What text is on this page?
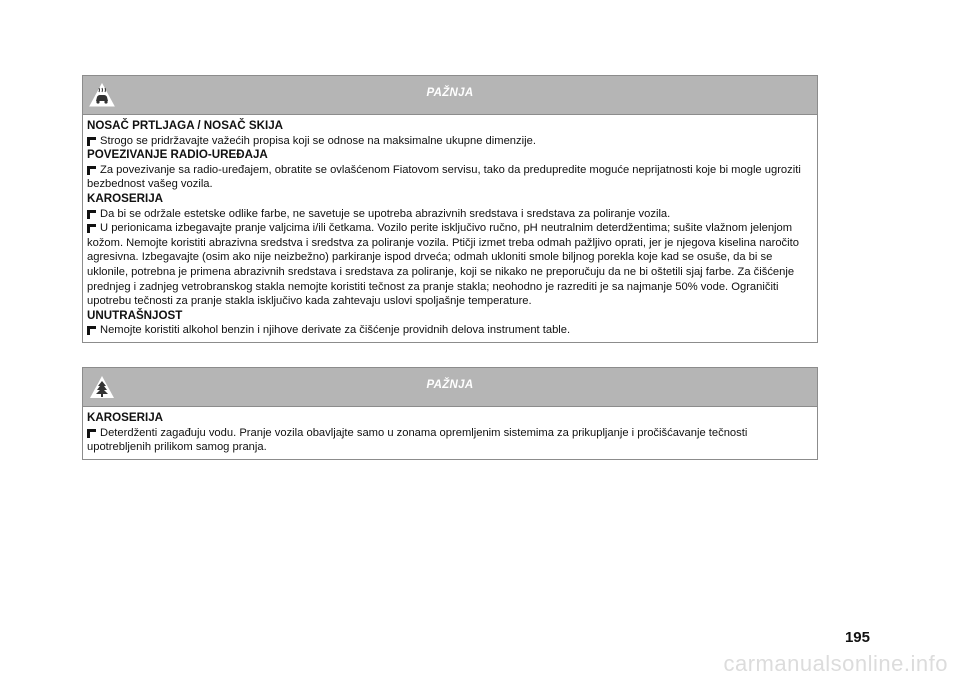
PAŽNJA
NOSAČ PRTLJAGA / NOSAČ SKIJA
Strogo se pridržavajte važećih propisa koji se odnose na maksimalne ukupne dimenzije.
POVEZIVANJE RADIO-UREĐAJA
Za povezivanje sa radio-uređajem, obratite se ovlašćenom Fiatovom servisu, tako da predupredite moguće neprijatnosti koje bi mogle ugroziti bezbednost vašeg vozila.
KAROSERIJA
Da bi se održale estetske odlike farbe, ne savetuje se upotreba abrazivnih sredstava i sredstava za poliranje vozila.
U perionicama izbegavajte pranje valjcima i/ili četkama. Vozilo perite isključivo ručno, pH neutralnim deterdžentima; sušite vlažnom jelenjom kožom. Nemojte koristiti abrazivna sredstva i sredstva za poliranje vozila. Ptičji izmet treba odmah pažljivo oprati, jer je njegova kiselina naročito agresivna. Izbegavajte (osim ako nije neizbežno) parkiranje ispod drveća; odmah ukloniti smole biljnog porekla koje kad se osuše, da bi se uklonile, potrebna je primena abrazivnih sredstava i sredstava za poliranje, koji se nikako ne preporučuju da ne bi oštetili sjaj farbe. Za čišćenje prednjeg i zadnjeg vetrobranskog stakla nemojte koristiti tečnost za pranje stakla; neohodno je razrediti je sa najmanje 50% vode. Ograničiti upotrebu tečnosti za pranje stakla isključivo kada zahtevaju uslovi spoljašnje temperature.
UNUTRAŠNJOST
Nemojte koristiti alkohol benzin i njihove derivate za čišćenje providnih delova instrument table.
PAŽNJA
KAROSERIJA
Deterdženti zagađuju vodu. Pranje vozila obavljajte samo u zonama opremljenim sistemima za prikupljanje i pročišćavanje tečnosti upotrebljenih prilikom samog pranja.
195
carmanualsonline.info
